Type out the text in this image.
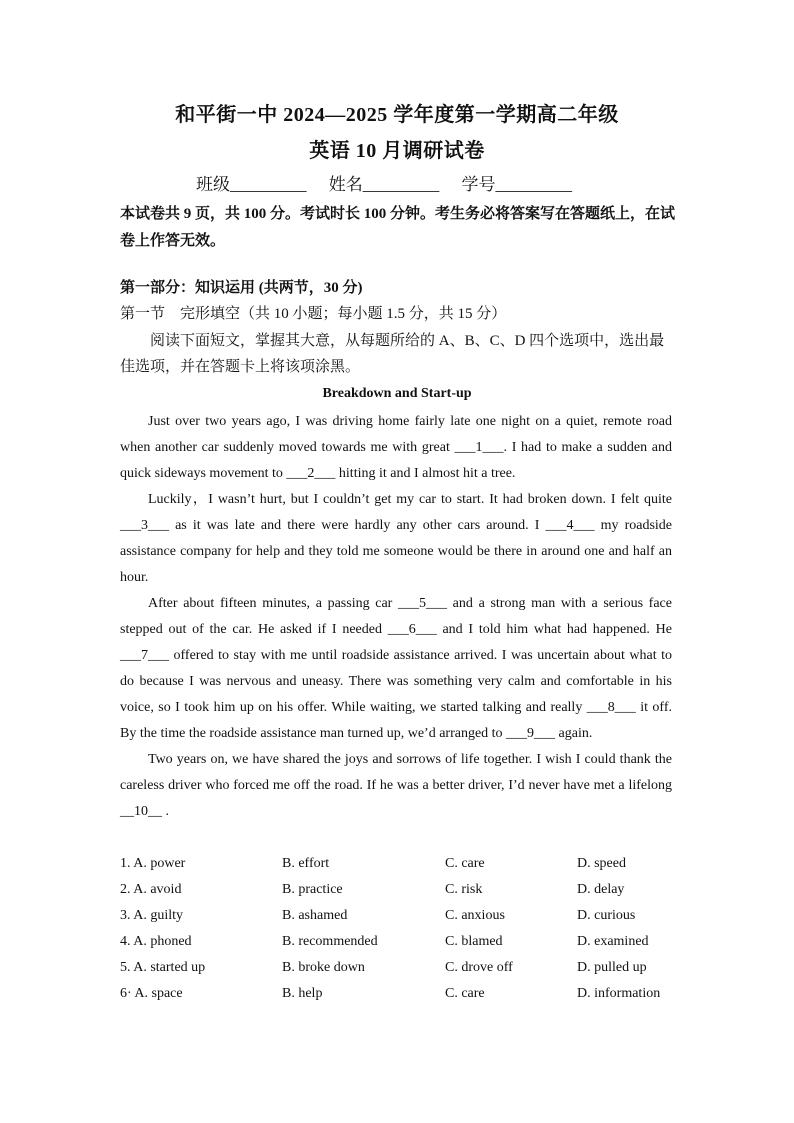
和平街一中 2024—2025 学年度第一学期高二年级
英语 10 月调研试卷
班级_________ 姓名_________ 学号_________
本试卷共 9 页，共 100 分。考试时长 100 分钟。考生务必将答案写在答题纸上，在试卷上作答无效。
第一部分：知识运用 (共两节，30 分)
第一节　完形填空（共 10 小题；每小题 1.5 分，共 15 分）
阅读下面短文，掌握其大意，从每题所给的 A、B、C、D 四个选项中，选出最佳选项，并在答题卡上将该项涂黑。
Breakdown and Start-up

Just over two years ago, I was driving home fairly late one night on a quiet, remote road when another car suddenly moved towards me with great ___1___. I had to make a sudden and quick sideways movement to ___2___ hitting it and I almost hit a tree.

Luckily，I wasn’t hurt, but I couldn’t get my car to start. It had broken down. I felt quite ___3___ as it was late and there were hardly any other cars around. I ___4___ my roadside assistance company for help and they told me someone would be there in around one and half an hour.

After about fifteen minutes, a passing car ___5___ and a strong man with a serious face stepped out of the car. He asked if I needed ___6___ and I told him what had happened. He ___7___ offered to stay with me until roadside assistance arrived. I was uncertain about what to do because I was nervous and uneasy. There was something very calm and comfortable in his voice, so I took him up on his offer. While waiting, we started talking and really ___8___ it off. By the time the roadside assistance man turned up, we’d arranged to ___9___ again.

Two years on, we have shared the joys and sorrows of life together. I wish I could thank the careless driver who forced me off the road. If he was a better driver, I’d never have met a lifelong __10__ .

1. A. power	B. effort	C. care	D. speed
2. A. avoid	B. practice	C. risk	D. delay
3. A. guilty	B. ashamed	C. anxious	D. curious
4. A. phoned	B. recommended	C. blamed	D. examined
5. A. started up	B. broke down	C. drove off	D. pulled up
6· A. space	B. help	C. care	D. information
